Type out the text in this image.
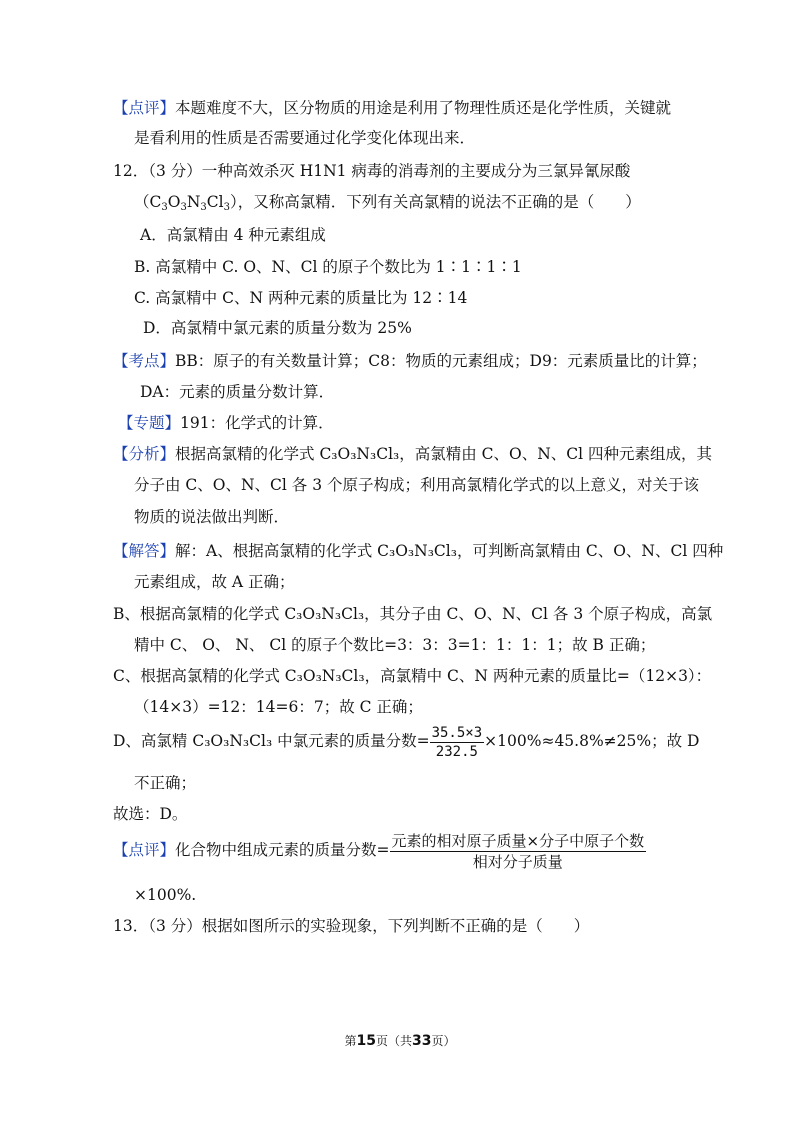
【点评】本题难度不大，区分物质的用途是利用了物理性质还是化学性质，关键就
是看利用的性质是否需要通过化学变化体现出来．
12．（3 分）一种高效杀灭 H1N1 病毒的消毒剂的主要成分为三氯异氰尿酸
$(C_3O_3N_3Cl_3)$，又称高氯精．下列有关高氯精的说法不正确的是（　　）
A．高氯精由 4 种元素组成
B. 高氯精中 C. O、N、Cl 的原子个数比为 1∶1∶1∶1
C. 高氯精中 C、N 两种元素的质量比为 12∶14
D．高氯精中氯元素的质量分数为 25%
【考点】BB：原子的有关数量计算；C8：物质的元素组成；D9：元素质量比的计算；
DA：元素的质量分数计算．
【专题】191：化学式的计算．
【分析】根据高氯精的化学式 C₃O₃N₃Cl₃，高氯精由 C、O、N、Cl 四种元素组成，其
分子由 C、O、N、Cl 各 3 个原子构成；利用高氯精化学式的以上意义，对关于该
物质的说法做出判断．
【解答】解：A、根据高氯精的化学式 C₃O₃N₃Cl₃，可判断高氯精由 C、O、N、Cl 四种
元素组成，故 A 正确；
B、根据高氯精的化学式 C₃O₃N₃Cl₃，其分子由 C、O、N、Cl 各 3 个原子构成，高氯
精中 C、 O、 N、 Cl 的原子个数比=3：3：3=1：1：1：1；故 B 正确；
C、根据高氯精的化学式 C₃O₃N₃Cl₃，高氯精中 C、N 两种元素的质量比=（12×3）：
（14×3）=12：14=6：7；故 C 正确；
D、高氯精 C₃O₃N₃Cl₃ 中氯元素的质量分数= $\frac{35.5\times 3}{232.5} \times 100\%\approx 45.8\%\ne 25\%$；故 D
不正确；
故选：D。
【点评】化合物中组成元素的质量分数= $\frac{\text{元素的相对原子质量×分子中原子个数}}{\text{相对分子质量}}$
×100%.
13．（3 分）根据如图所示的实验现象，下列判断不正确的是（　　）
第15页（共33页）
